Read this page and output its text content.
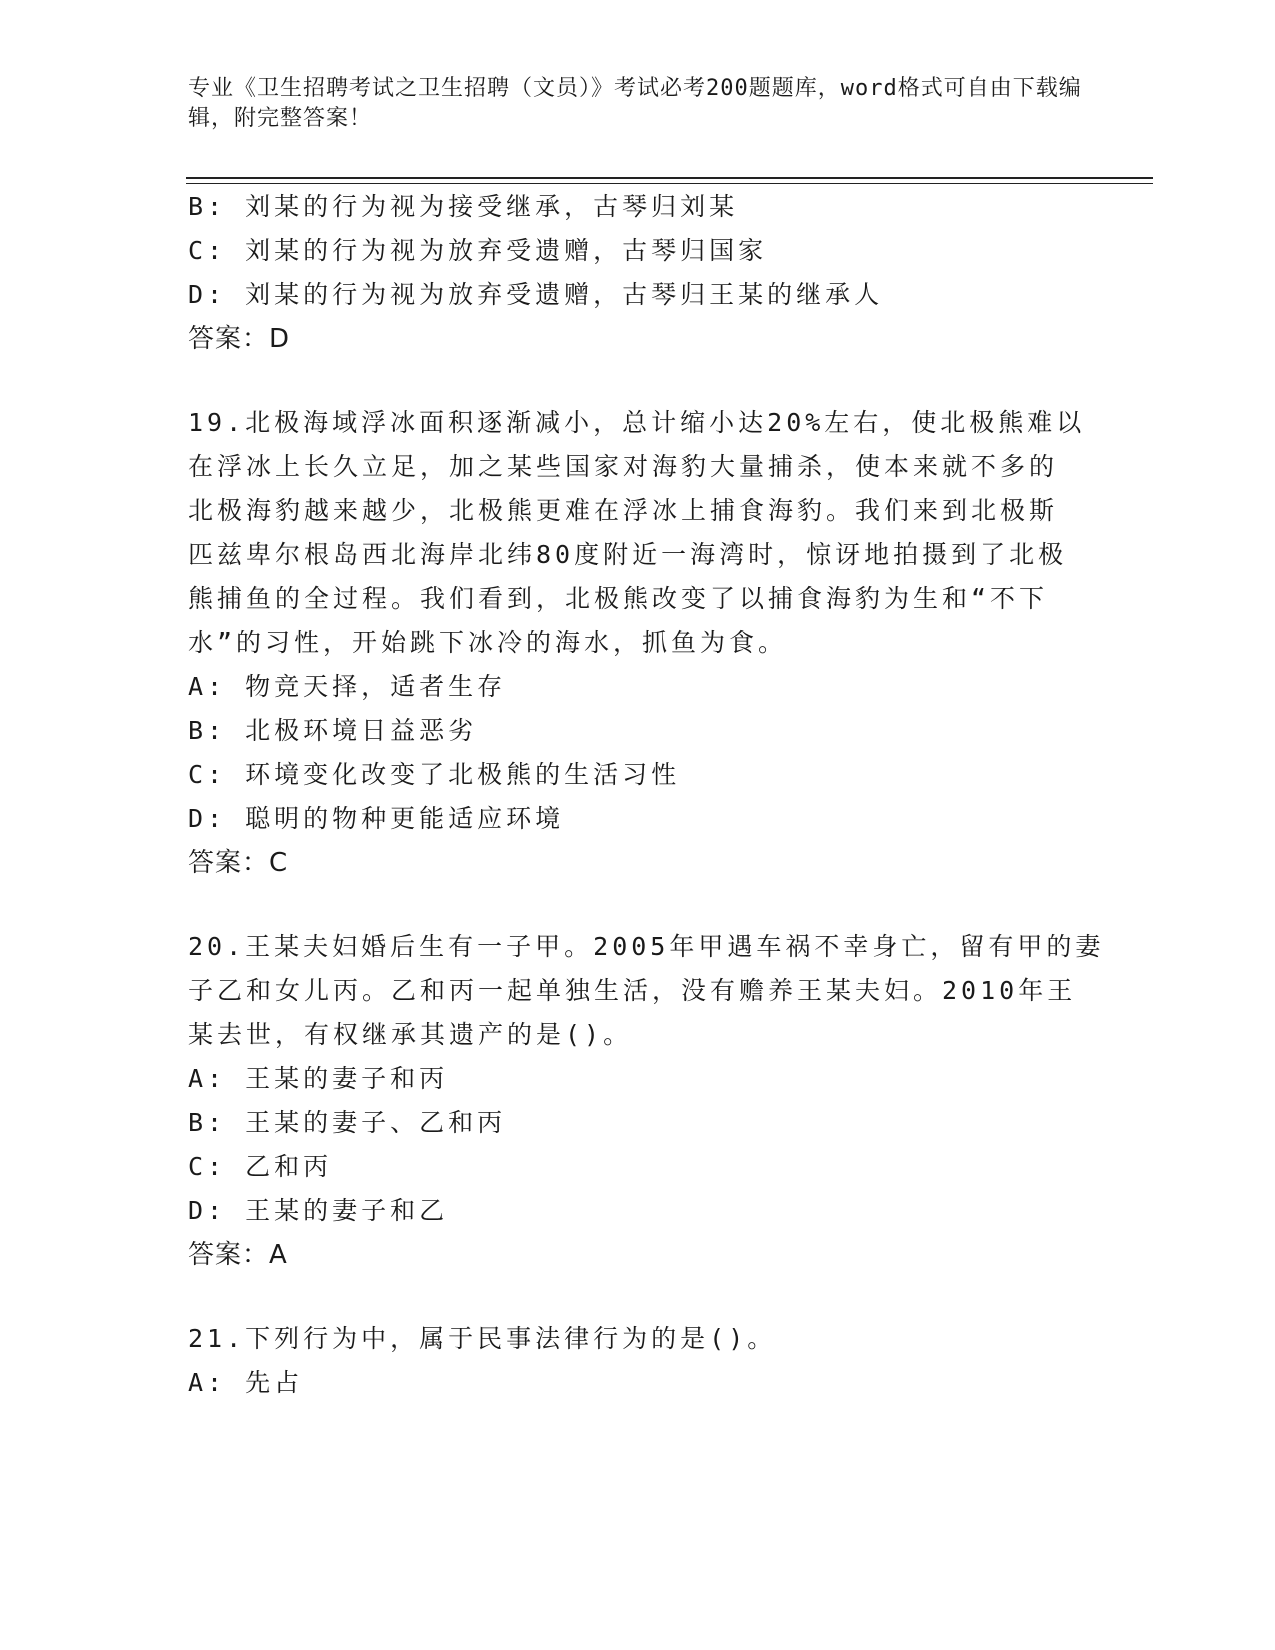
专业《卫生招聘考试之卫生招聘（文员）》考试必考200题题库，word格式可自由下载编辑，附完整答案！
B: 刘某的行为视为接受继承，古琴归刘某
C: 刘某的行为视为放弃受遗赠，古琴归国家
D: 刘某的行为视为放弃受遗赠，古琴归王某的继承人
答案：D
19.北极海域浮冰面积逐渐减小，总计缩小达20%左右，使北极熊难以
在浮冰上长久立足，加之某些国家对海豹大量捕杀，使本来就不多的
北极海豹越来越少，北极熊更难在浮冰上捕食海豹。我们来到北极斯
匹兹卑尔根岛西北海岸北纬80度附近一海湾时，惊讶地拍摄到了北极
熊捕鱼的全过程。我们看到，北极熊改变了以捕食海豹为生和“不下
水”的习性，开始跳下冰冷的海水，抓鱼为食。
A: 物竞天择，适者生存
B: 北极环境日益恶劣
C: 环境变化改变了北极熊的生活习性
D: 聪明的物种更能适应环境
答案：C
20.王某夫妇婚后生有一子甲。2005年甲遇车祸不幸身亡，留有甲的妻
子乙和女儿丙。乙和丙一起单独生活，没有赡养王某夫妇。2010年王
某去世，有权继承其遗产的是()。
A: 王某的妻子和丙
B: 王某的妻子、乙和丙
C: 乙和丙
D: 王某的妻子和乙
答案：A
21.下列行为中，属于民事法律行为的是()。
A: 先占
